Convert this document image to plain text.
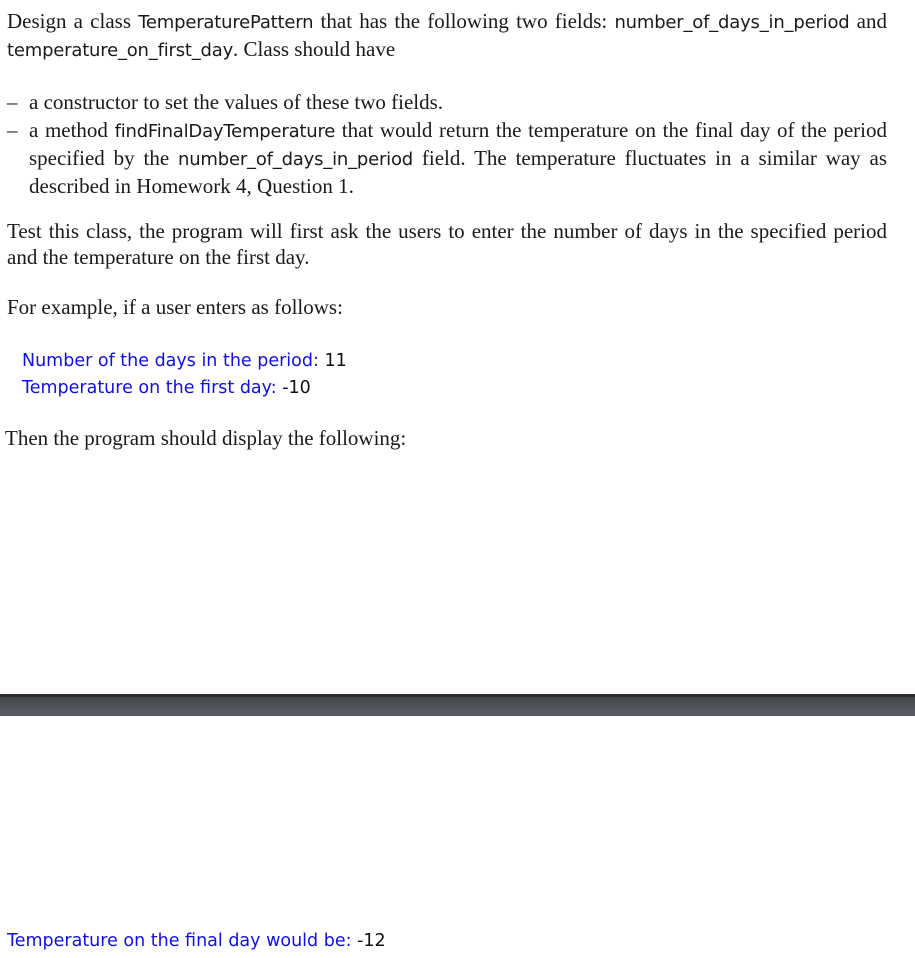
Design a class TemperaturePattern that has the following two fields: number_of_days_in_period and temperature_on_first_day. Class should have
– a constructor to set the values of these two fields.
– a method findFinalDayTemperature that would return the temperature on the final day of the period specified by the number_of_days_in_period field. The temperature fluctuates in a similar way as described in Homework 4, Question 1.
Test this class, the program will first ask the users to enter the number of days in the specified period and the temperature on the first day.
For example, if a user enters as follows:
Number of the days in the period: 11
Temperature on the first day: -10
Then the program should display the following:
Temperature on the final day would be: -12
